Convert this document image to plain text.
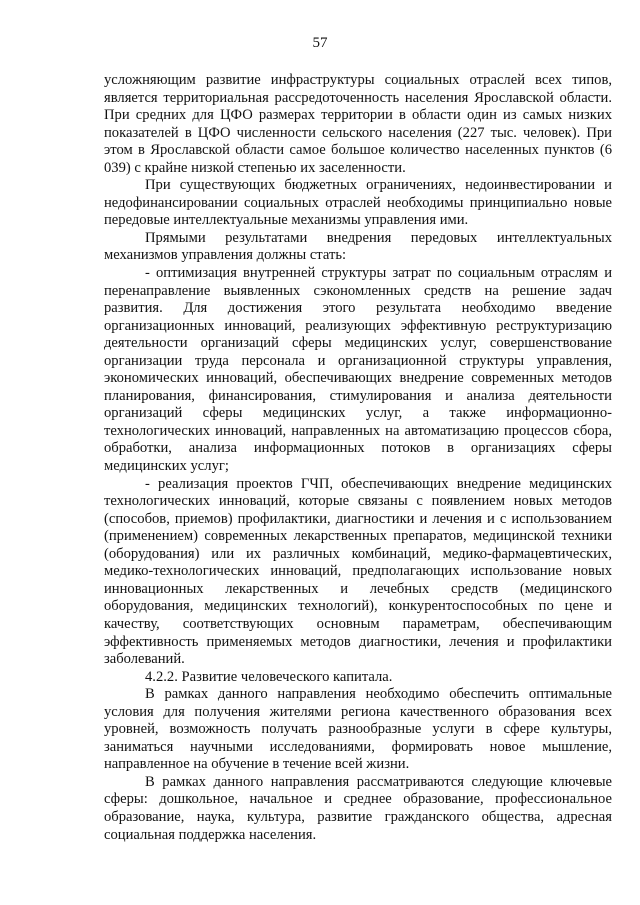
57

усложняющим развитие инфраструктуры социальных отраслей всех типов, является территориальная рассредоточенность населения Ярославской области. При средних для ЦФО размерах территории в области один из самых низких показателей в ЦФО численности сельского населения (227 тыс. человек). При этом в Ярославской области самое большое количество населенных пунктов (6 039) с крайне низкой степенью их заселенности.

При существующих бюджетных ограничениях, недоинвестировании и недофинансировании социальных отраслей необходимы принципиально новые передовые интеллектуальные механизмы управления ими.

Прямыми результатами внедрения передовых интеллектуальных механизмов управления должны стать:

- оптимизация внутренней структуры затрат по социальным отраслям и перенаправление выявленных сэкономленных средств на решение задач развития. Для достижения этого результата необходимо введение организационных инноваций, реализующих эффективную реструктуризацию деятельности организаций сферы медицинских услуг, совершенствование организации труда персонала и организационной структуры управления, экономических инноваций, обеспечивающих внедрение современных методов планирования, финансирования, стимулирования и анализа деятельности организаций сферы медицинских услуг, а также информационно-технологических инноваций, направленных на автоматизацию процессов сбора, обработки, анализа информационных потоков в организациях сферы медицинских услуг;

- реализация проектов ГЧП, обеспечивающих внедрение медицинских технологических инноваций, которые связаны с появлением новых методов (способов, приемов) профилактики, диагностики и лечения и с использованием (применением) современных лекарственных препаратов, медицинской техники (оборудования) или их различных комбинаций, медико-фармацевтических, медико-технологических инноваций, предполагающих использование новых инновационных лекарственных и лечебных средств (медицинского оборудования, медицинских технологий), конкурентоспособных по цене и качеству, соответствующих основным параметрам, обеспечивающим эффективность применяемых методов диагностики, лечения и профилактики заболеваний.

4.2.2. Развитие человеческого капитала.

В рамках данного направления необходимо обеспечить оптимальные условия для получения жителями региона качественного образования всех уровней, возможность получать разнообразные услуги в сфере культуры, заниматься научными исследованиями, формировать новое мышление, направленное на обучение в течение всей жизни.

В рамках данного направления рассматриваются следующие ключевые сферы: дошкольное, начальное и среднее образование, профессиональное образование, наука, культура, развитие гражданского общества, адресная социальная поддержка населения.
